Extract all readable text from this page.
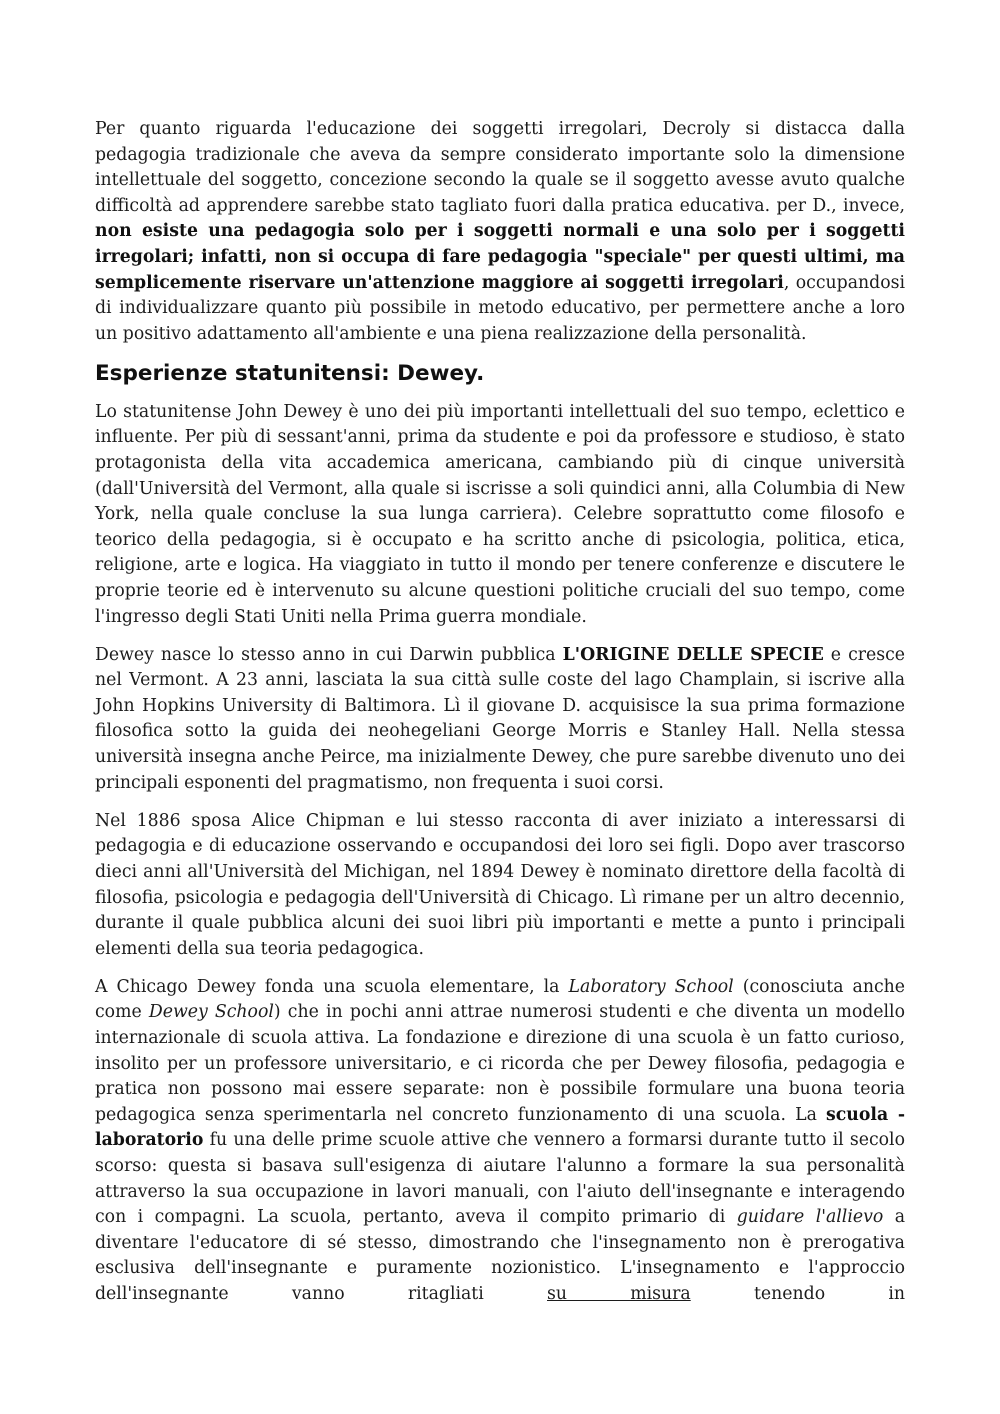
Per quanto riguarda l'educazione dei soggetti irregolari, Decroly si distacca dalla pedagogia tradizionale che aveva da sempre considerato importante solo la dimensione intellettuale del soggetto, concezione secondo la quale se il soggetto avesse avuto qualche difficoltà ad apprendere sarebbe stato tagliato fuori dalla pratica educativa. per D., invece, non esiste una pedagogia solo per i soggetti normali e una solo per i soggetti irregolari; infatti, non si occupa di fare pedagogia "speciale" per questi ultimi, ma semplicemente riservare un'attenzione maggiore ai soggetti irregolari, occupandosi di individualizzare quanto più possibile in metodo educativo, per permettere anche a loro un positivo adattamento all'ambiente e una piena realizzazione della personalità.

Esperienze statunitensi: Dewey.

Lo statunitense John Dewey è uno dei più importanti intellettuali del suo tempo, eclettico e influente. Per più di sessant'anni, prima da studente e poi da professore e studioso, è stato protagonista della vita accademica americana, cambiando più di cinque università (dall'Università del Vermont, alla quale si iscrisse a soli quindici anni, alla Columbia di New York, nella quale concluse la sua lunga carriera). Celebre soprattutto come filosofo e teorico della pedagogia, si è occupato e ha scritto anche di psicologia, politica, etica, religione, arte e logica. Ha viaggiato in tutto il mondo per tenere conferenze e discutere le proprie teorie ed è intervenuto su alcune questioni politiche cruciali del suo tempo, come l'ingresso degli Stati Uniti nella Prima guerra mondiale.

Dewey nasce lo stesso anno in cui Darwin pubblica L'ORIGINE DELLE SPECIE e cresce nel Vermont. A 23 anni, lasciata la sua città sulle coste del lago Champlain, si iscrive alla John Hopkins University di Baltimora. Lì il giovane D. acquisisce la sua prima formazione filosofica sotto la guida dei neohegeliani George Morris e Stanley Hall. Nella stessa università insegna anche Peirce, ma inizialmente Dewey, che pure sarebbe divenuto uno dei principali esponenti del pragmatismo, non frequenta i suoi corsi.

Nel 1886 sposa Alice Chipman e lui stesso racconta di aver iniziato a interessarsi di pedagogia e di educazione osservando e occupandosi dei loro sei figli. Dopo aver trascorso dieci anni all'Università del Michigan, nel 1894 Dewey è nominato direttore della facoltà di filosofia, psicologia e pedagogia dell'Università di Chicago. Lì rimane per un altro decennio, durante il quale pubblica alcuni dei suoi libri più importanti e mette a punto i principali elementi della sua teoria pedagogica.

A Chicago Dewey fonda una scuola elementare, la Laboratory School (conosciuta anche come Dewey School) che in pochi anni attrae numerosi studenti e che diventa un modello internazionale di scuola attiva. La fondazione e direzione di una scuola è un fatto curioso, insolito per un professore universitario, e ci ricorda che per Dewey filosofia, pedagogia e pratica non possono mai essere separate: non è possibile formulare una buona teoria pedagogica senza sperimentarla nel concreto funzionamento di una scuola. La scuola - laboratorio fu una delle prime scuole attive che vennero a formarsi durante tutto il secolo scorso: questa si basava sull'esigenza di aiutare l'alunno a formare la sua personalità attraverso la sua occupazione in lavori manuali, con l'aiuto dell'insegnante e interagendo con i compagni. La scuola, pertanto, aveva il compito primario di guidare l'allievo a diventare l'educatore di sé stesso, dimostrando che l'insegnamento non è prerogativa esclusiva dell'insegnante e puramente nozionistico. L'insegnamento e l'approccio dell'insegnante vanno ritagliati su misura tenendo in
